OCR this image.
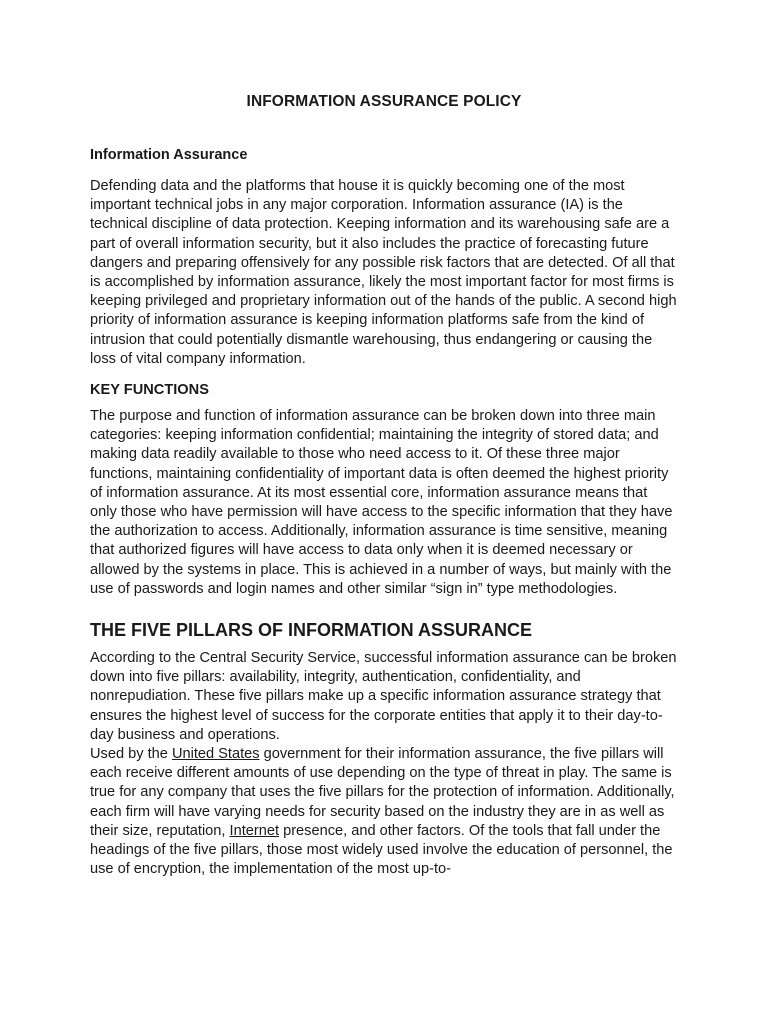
INFORMATION ASSURANCE POLICY
Information Assurance

Defending data and the platforms that house it is quickly becoming one of the most important technical jobs in any major corporation. Information assurance (IA) is the technical discipline of data protection. Keeping information and its warehousing safe are a part of overall information security, but it also includes the practice of forecasting future dangers and preparing offensively for any possible risk factors that are detected. Of all that is accomplished by information assurance, likely the most important factor for most firms is keeping privileged and proprietary information out of the hands of the public. A second high priority of information assurance is keeping information platforms safe from the kind of intrusion that could potentially dismantle warehousing, thus endangering or causing the loss of vital company information.

KEY FUNCTIONS

The purpose and function of information assurance can be broken down into three main categories: keeping information confidential; maintaining the integrity of stored data; and making data readily available to those who need access to it. Of these three major functions, maintaining confidentiality of important data is often deemed the highest priority of information assurance. At its most essential core, information assurance means that only those who have permission will have access to the specific information that they have the authorization to access. Additionally, information assurance is time sensitive, meaning that authorized figures will have access to data only when it is deemed necessary or allowed by the systems in place. This is achieved in a number of ways, but mainly with the use of passwords and login names and other similar “sign in” type methodologies.

THE FIVE PILLARS OF INFORMATION ASSURANCE

According to the Central Security Service, successful information assurance can be broken down into five pillars: availability, integrity, authentication, confidentiality, and nonrepudiation. These five pillars make up a specific information assurance strategy that ensures the highest level of success for the corporate entities that apply it to their day-to-day business and operations.

Used by the United States government for their information assurance, the five pillars will each receive different amounts of use depending on the type of threat in play. The same is true for any company that uses the five pillars for the protection of information. Additionally, each firm will have varying needs for security based on the industry they are in as well as their size, reputation, Internet presence, and other factors. Of the tools that fall under the headings of the five pillars, those most widely used involve the education of personnel, the use of encryption, the implementation of the most up-to-
